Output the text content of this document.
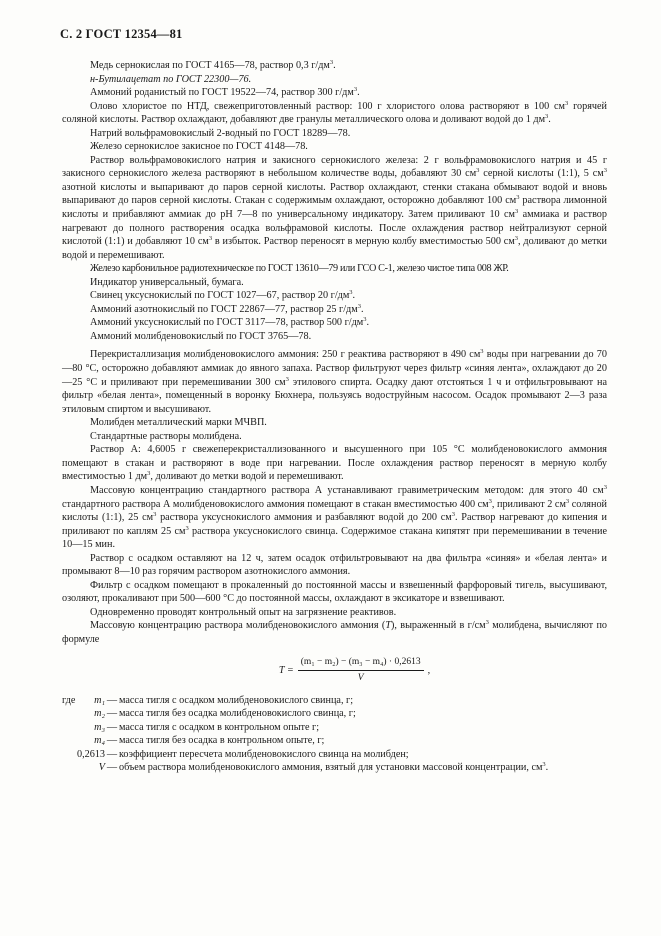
С. 2 ГОСТ 12354—81

Медь сернокислая по ГОСТ 4165—78, раствор 0,3 $г/дм^3$.

н-Бутилацетат по ГОСТ 22300—76.

Аммоний роданистый по ГОСТ 19522—74, раствор 300 $г/дм^3$.

Олово хлористое по НТД, свежеприготовленный раствор: 100 г хлористого олова растворяют в 100 $см^3$ горячей соляной кислоты. Раствор охлаждают, добавляют две гранулы металлического олова и доливают водой до 1 $дм^3$.

Натрий вольфрамовокислый 2-водный по ГОСТ 18289—78.

Железо сернокислое закисное по ГОСТ 4148—78.

Раствор вольфрамовокислого натрия и закисного сернокислого железа: 2 г вольфрамовокислого натрия и 45 г закисного сернокислого железа растворяют в небольшом количестве воды, добавляют 30 $см^3$ серной кислоты (1:1), 5 $см^3$ азотной кислоты и выпаривают до паров серной кислоты. Раствор охлаждают, стенки стакана обмывают водой и вновь выпаривают до паров серной кислоты. Стакан с содержимым охлаждают, осторожно добавляют 100 $см^3$ раствора лимонной кислоты и прибавляют аммиак до рН 7—8 по универсальному индикатору. Затем приливают 10 $см^3$ аммиака и раствор нагревают до полного растворения осадка вольфрамовой кислоты. После охлаждения раствор нейтрализуют серной кислотой (1:1) и добавляют 10 $см^3$ в избыток. Раствор переносят в мерную колбу вместимостью 500 $см^3$, доливают до метки водой и перемешивают.

Железо карбонильное радиотехническое по ГОСТ 13610—79 или ГСО С-1, железо чистое типа 008 ЖР.

Индикатор универсальный, бумага.

Свинец уксуснокислый по ГОСТ 1027—67, раствор 20 $г/дм^3$.

Аммоний азотнокислый по ГОСТ 22867—77, раствор 25 $г/дм^3$.

Аммоний уксуснокислый по ГОСТ 3117—78, раствор 500 $г/дм^3$.

Аммоний молибденовокислый по ГОСТ 3765—78.

Перекристаллизация молибденовокислого аммония: 250 г реактива растворяют в 490 $см^3$ воды при нагревании до 70—80 °С, осторожно добавляют аммиак до явного запаха. Раствор фильтруют через фильтр «синяя лента», охлаждают до 20—25 °С и приливают при перемешивании 300 $см^3$ этилового спирта. Осадку дают отстояться 1 ч и отфильтровывают на фильтр «белая лента», помещенный в воронку Бюхнера, пользуясь водоструйным насосом. Осадок промывают 2—3 раза этиловым спиртом и высушивают.

Молибден металлический марки МЧВП.

Стандартные растворы молибдена.

Раствор А: 4,6005 г свежеперекристаллизованного и высушенного при 105 °С молибденовокислого аммония помещают в стакан и растворяют в воде при нагревании. После охлаждения раствор переносят в мерную колбу вместимостью 1 $дм^3$, доливают до метки водой и перемешивают.

Массовую концентрацию стандартного раствора А устанавливают гравиметрическим методом: для этого 40 $см^3$ стандартного раствора А молибденовокислого аммония помещают в стакан вместимостью 400 $см^3$, приливают 2 $см^3$ соляной кислоты (1:1), 25 $см^3$ раствора уксуснокислого аммония и разбавляют водой до 200 $см^3$. Раствор нагревают до кипения и приливают по каплям 25 $см^3$ раствора уксуснокислого свинца. Содержимое стакана кипятят при перемешивании в течение 10—15 мин.

Раствор с осадком оставляют на 12 ч, затем осадок отфильтровывают на два фильтра «синяя» и «белая лента» и промывают 8—10 раз горячим раствором азотнокислого аммония.

Фильтр с осадком помещают в прокаленный до постоянной массы и взвешенный фарфоровый тигель, высушивают, озоляют, прокаливают при 500—600 °С до постоянной массы, охлаждают в эксикаторе и взвешивают.

Одновременно проводят контрольный опыт на загрязнение реактивов.

Массовую концентрацию раствора молибденовокислого аммония (T), выраженный в $г/см^3$ молибдена, вычисляют по формуле

$T = \frac{\text{(m₁ − m₂) − (m₃ − m₄) · 0,2613}}{V}$ ,
где	m₁ — масса тигля с осадком молибденовокислого свинца, г;
m₂ — масса тигля без осадка молибденовокислого свинца, г;
m₃ — масса тигля с осадком в контрольном опыте г;
m₄ — масса тигля без осадка в контрольном опыте, г;
0,2613 — коэффициент пересчета молибденовокислого свинца на молибден;
V — объем раствора молибденовокислого аммония, взятый для установки массовой концентрации, $см^3$.
